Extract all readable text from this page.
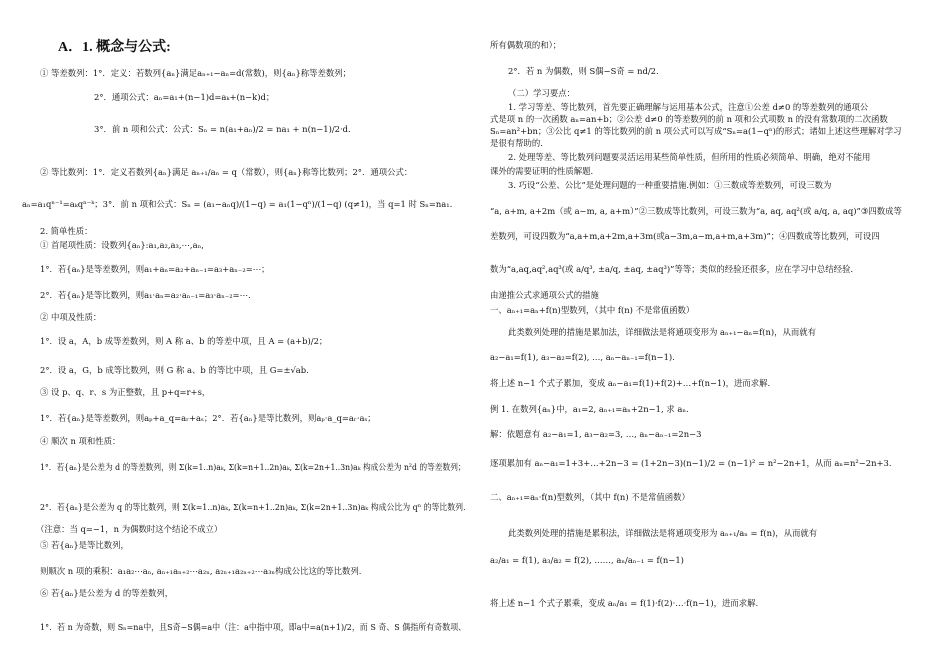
A．1. 概念与公式:
① 等差数列：1°．定义：若数列{aₙ}满足aₙ₊₁−aₙ=d(常数)，则{aₙ}称等差数列；
2°．通项公式：aₙ=a₁+(n−1)d=aₖ+(n−k)d；
3°．前 n 项和公式：公式：Sₙ = n(a₁+aₙ)/2 = na₁ + n(n−1)/2·d.
② 等比数列：1°．定义若数列{aₙ}满足 aₙ₊₁/aₙ = q（常数），则{aₙ}称等比数列；2°．通项公式：
aₙ=a₁qⁿ⁻¹=aₖqⁿ⁻ᵏ；3°．前 n 项和公式：Sₙ = (a₁−aₙq)/(1−q) = a₁(1−qⁿ)/(1−q) (q≠1)，当 q=1 时 Sₙ=na₁.
2. 简单性质：
① 首尾项性质：设数列{aₙ}:a₁,a₂,a₃,⋯,aₙ,
1°．若{aₙ}是等差数列，则a₁+aₙ=a₂+aₙ₋₁=a₃+aₙ₋₂=⋯；
2°．若{aₙ}是等比数列，则a₁·aₙ=a₂·aₙ₋₁=a₃·aₙ₋₂=⋯.
② 中项及性质：
1°．设 a，A，b 成等差数列，则 A 称 a、b 的等差中项，且 A = (a+b)/2；
2°．设 a，G，b 成等比数列，则 G 称 a、b 的等比中项，且 G=±√ab.
③ 设 p、q、r、s 为正整数，且 p+q=r+s，
1°．若{aₙ}是等差数列，则aₚ+a_q=aᵣ+aₛ；2°．若{aₙ}是等比数列，则aₚ·a_q=aᵣ·aₛ；
④ 顺次 n 项和性质：
1°．若{aₙ}是公差为 d 的等差数列，则 Σ(k=1..n)aₖ, Σ(k=n+1..2n)aₖ, Σ(k=2n+1..3n)aₖ 构成公差为 n²d 的等差数列；
2°．若{aₙ}是公差为 q 的等比数列，则 Σ(k=1..n)aₖ, Σ(k=n+1..2n)aₖ, Σ(k=2n+1..3n)aₖ 构成公比为 qⁿ 的等比数列.
（注意：当 q=−1，n 为偶数时这个结论不成立）
⑤ 若{aₙ}是等比数列，
则顺次 n 项的乘积：a₁a₂⋯aₙ, aₙ₊₁aₙ₊₂⋯a₂ₙ, a₂ₙ₊₁a₂ₙ₊₂⋯a₃ₙ构成公比这的等比数列.
⑥ 若{aₙ}是公差为 d 的等差数列，
1°．若 n 为奇数，则 Sₙ=na中，且S奇−S偶=a中（注：a中指中项，即a中=a(n+1)/2，而 S 奇、S 偶指所有奇数项、
所有偶数项的和）；
2°．若 n 为偶数，则 S偶−S奇 = nd/2.
（二）学习要点：
1. 学习等差、等比数列，首先要正确理解与运用基本公式，注意①公差 d≠0 的等差数列的通项公
式是项 n 的一次函数 aₙ=an+b；②公差 d≠0 的等差数列的前 n 项和公式项数 n 的没有常数项的二次函数
Sₙ=an²+bn；③公比 q≠1 的等比数列的前 n 项公式可以写成“Sₙ=a(1−qⁿ)的形式；诸如上述这些理解对学习
是很有帮助的.
2. 处理等差、等比数列问题要灵活运用某些简单性质，但所用的性质必须简单、明确，绝对不能用
课外的需要证明的性质解题.
3. 巧设“公差、公比”是处理问题的一种重要措施.例如：①三数成等差数列，可设三数为
“a, a+m, a+2m（或 a−m, a, a+m）”②三数成等比数列，可设三数为“a, aq, aq²(或 a/q, a, aq)”③四数成等
差数列，可设四数为“a,a+m,a+2m,a+3m(或a−3m,a−m,a+m,a+3m)”；④四数成等比数列，可设四
数为“a,aq,aq²,aq³(或 a/q³, ±a/q, ±aq, ±aq³)”等等；类似的经验还很多，应在学习中总结经验.
由递推公式求通项公式的措施
一、aₙ₊₁=aₙ+f(n)型数列，（其中 f(n) 不是常值函数）
此类数列处理的措施是累加法，详细做法是将通项变形为 aₙ₊₁−aₙ=f(n)，从而就有
a₂−a₁=f(1), a₃−a₂=f(2), …, aₙ−aₙ₋₁=f(n−1).
将上述 n−1 个式子累加，变成 aₙ−a₁=f(1)+f(2)+…+f(n−1)，进而求解.
例 1. 在数列{aₙ}中，a₁=2, aₙ₊₁=aₙ+2n−1, 求 aₙ.
解：依题意有 a₂−a₁=1, a₃−a₂=3, …, aₙ−aₙ₋₁=2n−3
逐项累加有 aₙ−a₁=1+3+…+2n−3 = (1+2n−3)(n−1)/2 = (n−1)² = n²−2n+1，从而 aₙ=n²−2n+3.
二、aₙ₊₁=aₙ·f(n)型数列，（其中 f(n) 不是常值函数）
此类数列处理的措施是累积法，详细做法是将通项变形为 aₙ₊₁/aₙ = f(n)，从而就有
a₂/a₁ = f(1), a₃/a₂ = f(2), ……, aₙ/aₙ₋₁ = f(n−1)
将上述 n−1 个式子累乘，变成 aₙ/a₁ = f(1)·f(2)·…·f(n−1)，进而求解.
